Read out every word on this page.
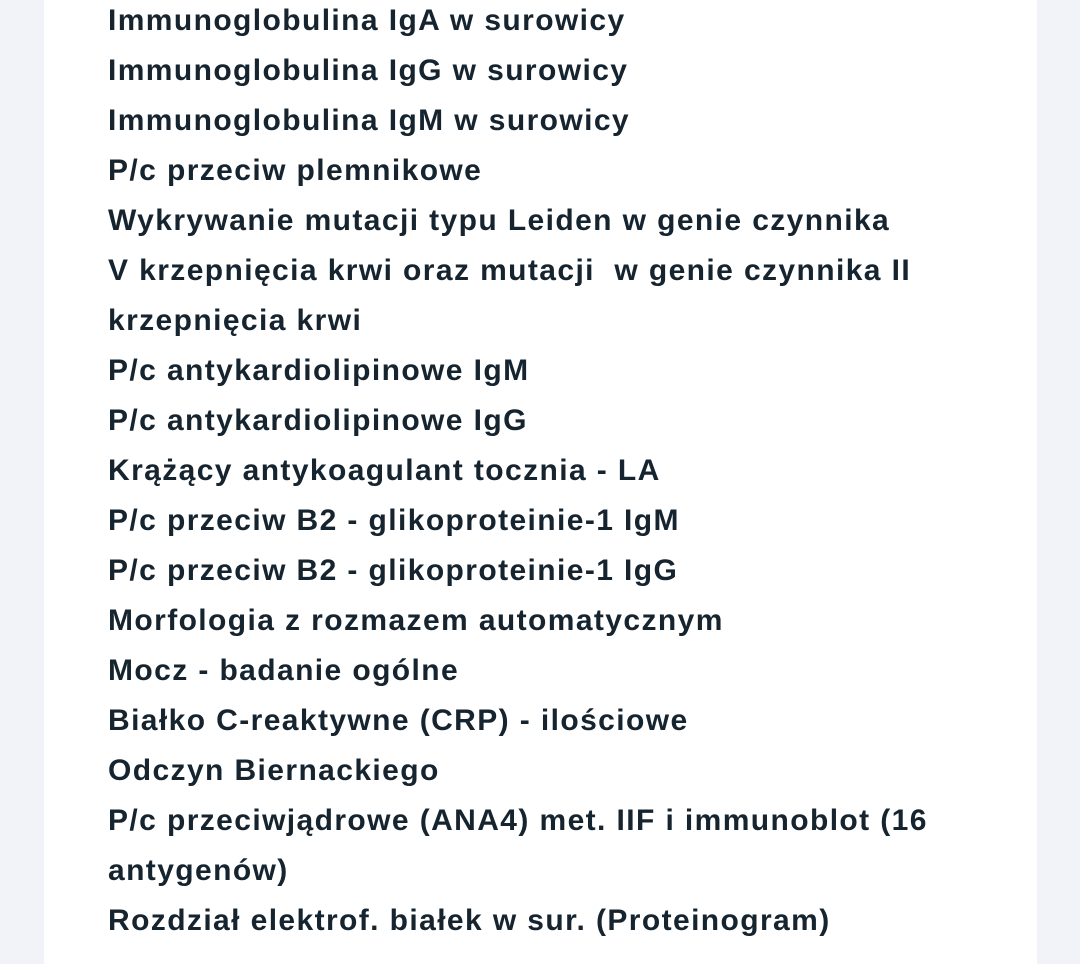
Immunoglobulina IgA w surowicy
Immunoglobulina IgG w surowicy
Immunoglobulina IgM w surowicy
P/c przeciw plemnikowe
Wykrywanie mutacji typu Leiden w genie czynnika
V krzepnięcia krwi oraz mutacji  w genie czynnika II
krzepnięcia krwi
P/c antykardiolipinowe IgM
P/c antykardiolipinowe IgG
Krążący antykoagulant tocznia - LA
P/c przeciw B2 - glikoproteinie-1 IgM
P/c przeciw B2 - glikoproteinie-1 IgG
Morfologia z rozmazem automatycznym
Mocz - badanie ogólne
Białko C-reaktywne (CRP) - ilościowe
Odczyn Biernackiego
P/c przeciwjądrowe (ANA4) met. IIF i immunoblot (16
antygenów)
Rozdział elektrof. białek w sur. (Proteinogram)
